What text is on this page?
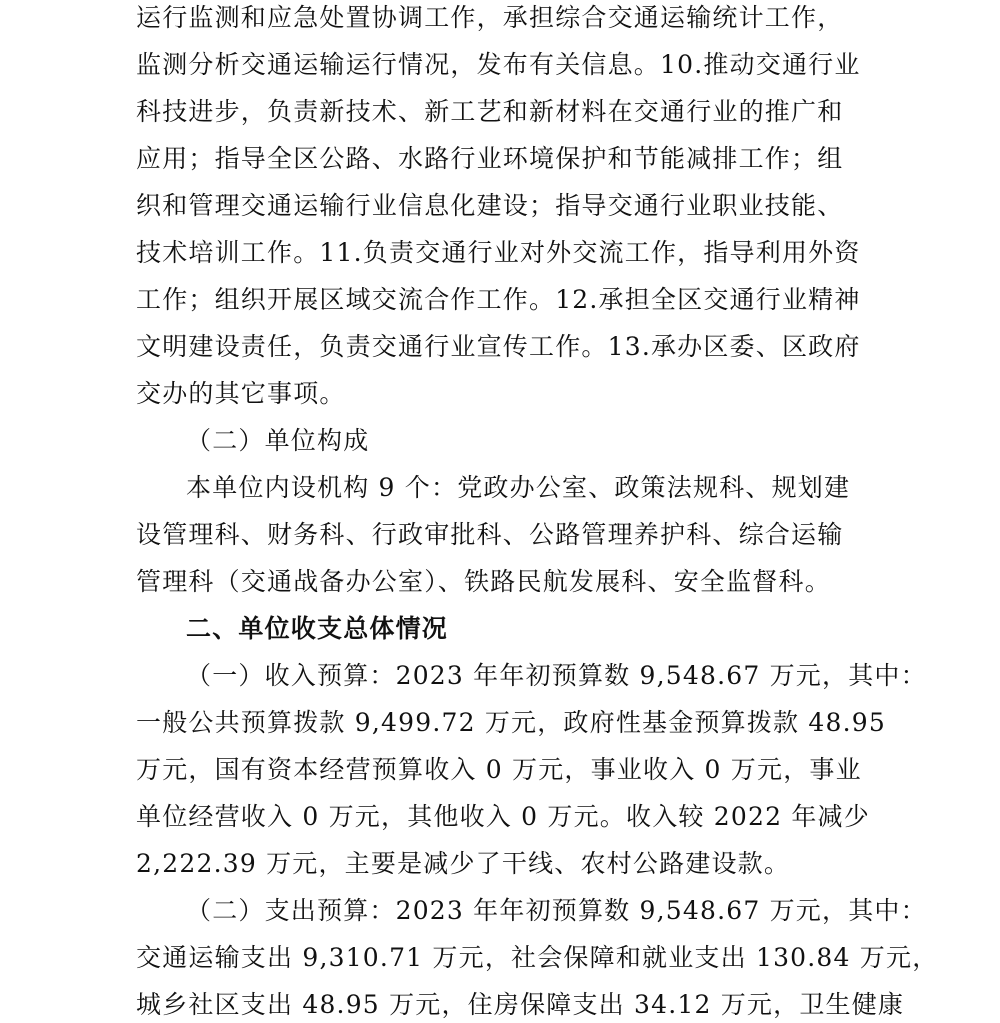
运行监测和应急处置协调工作，承担综合交通运输统计工作，
监测分析交通运输运行情况，发布有关信息。10.推动交通行业
科技进步，负责新技术、新工艺和新材料在交通行业的推广和
应用；指导全区公路、水路行业环境保护和节能减排工作；组
织和管理交通运输行业信息化建设；指导交通行业职业技能、
技术培训工作。11.负责交通行业对外交流工作，指导利用外资
工作；组织开展区域交流合作工作。12.承担全区交通行业精神
文明建设责任，负责交通行业宣传工作。13.承办区委、区政府
交办的其它事项。
（二）单位构成
本单位内设机构 9 个：党政办公室、政策法规科、规划建
设管理科、财务科、行政审批科、公路管理养护科、综合运输
管理科（交通战备办公室）、铁路民航发展科、安全监督科。
二、单位收支总体情况
（一）收入预算：2023 年年初预算数 9,548.67 万元，其中：
一般公共预算拨款 9,499.72 万元，政府性基金预算拨款 48.95
万元，国有资本经营预算收入 0 万元，事业收入 0 万元，事业
单位经营收入 0 万元，其他收入 0 万元。收入较 2022 年减少
2,222.39 万元，主要是减少了干线、农村公路建设款。
（二）支出预算：2023 年年初预算数 9,548.67 万元，其中：
交通运输支出 9,310.71 万元，社会保障和就业支出 130.84 万元，
城乡社区支出 48.95 万元，住房保障支出 34.12 万元，卫生健康
